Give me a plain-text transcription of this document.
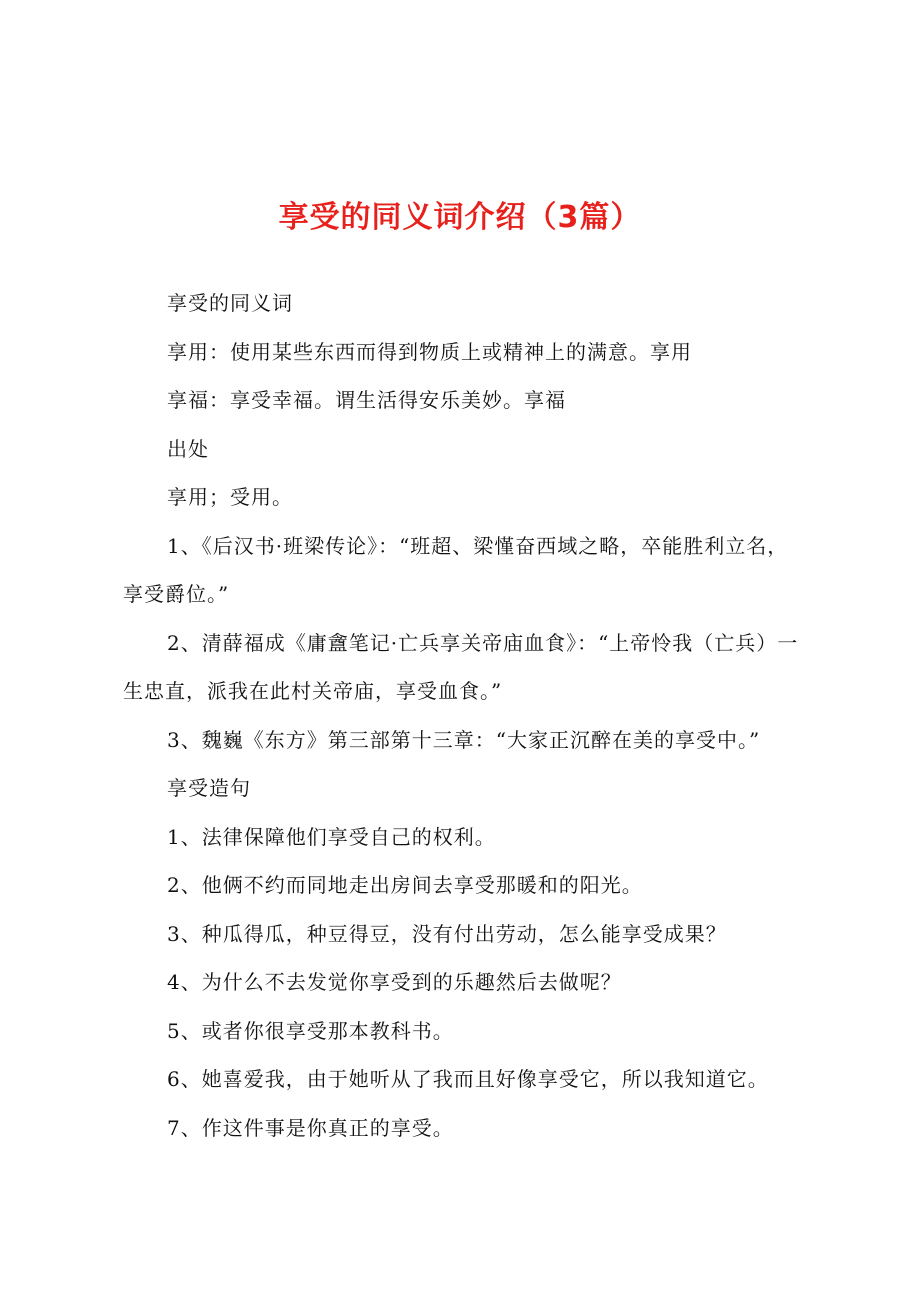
享受的同义词介绍（3篇）

享受的同义词

享用：使用某些东西而得到物质上或精神上的满意。享用

享福：享受幸福。谓生活得安乐美妙。享福

出处

享用；受用。

1、《后汉书·班梁传论》：“班超、梁慬奋西域之略，卒能胜利立名，享受爵位。”

2、清薛福成《庸盦笔记·亡兵享关帝庙血食》：“上帝怜我（亡兵）一生忠直，派我在此村关帝庙，享受血食。”

3、魏巍《东方》第三部第十三章：“大家正沉醉在美的享受中。”

享受造句

1、法律保障他们享受自己的权利。

2、他俩不约而同地走出房间去享受那暖和的阳光。

3、种瓜得瓜，种豆得豆，没有付出劳动，怎么能享受成果？

4、为什么不去发觉你享受到的乐趣然后去做呢？

5、或者你很享受那本教科书。

6、她喜爱我，由于她听从了我而且好像享受它，所以我知道它。

7、作这件事是你真正的享受。
